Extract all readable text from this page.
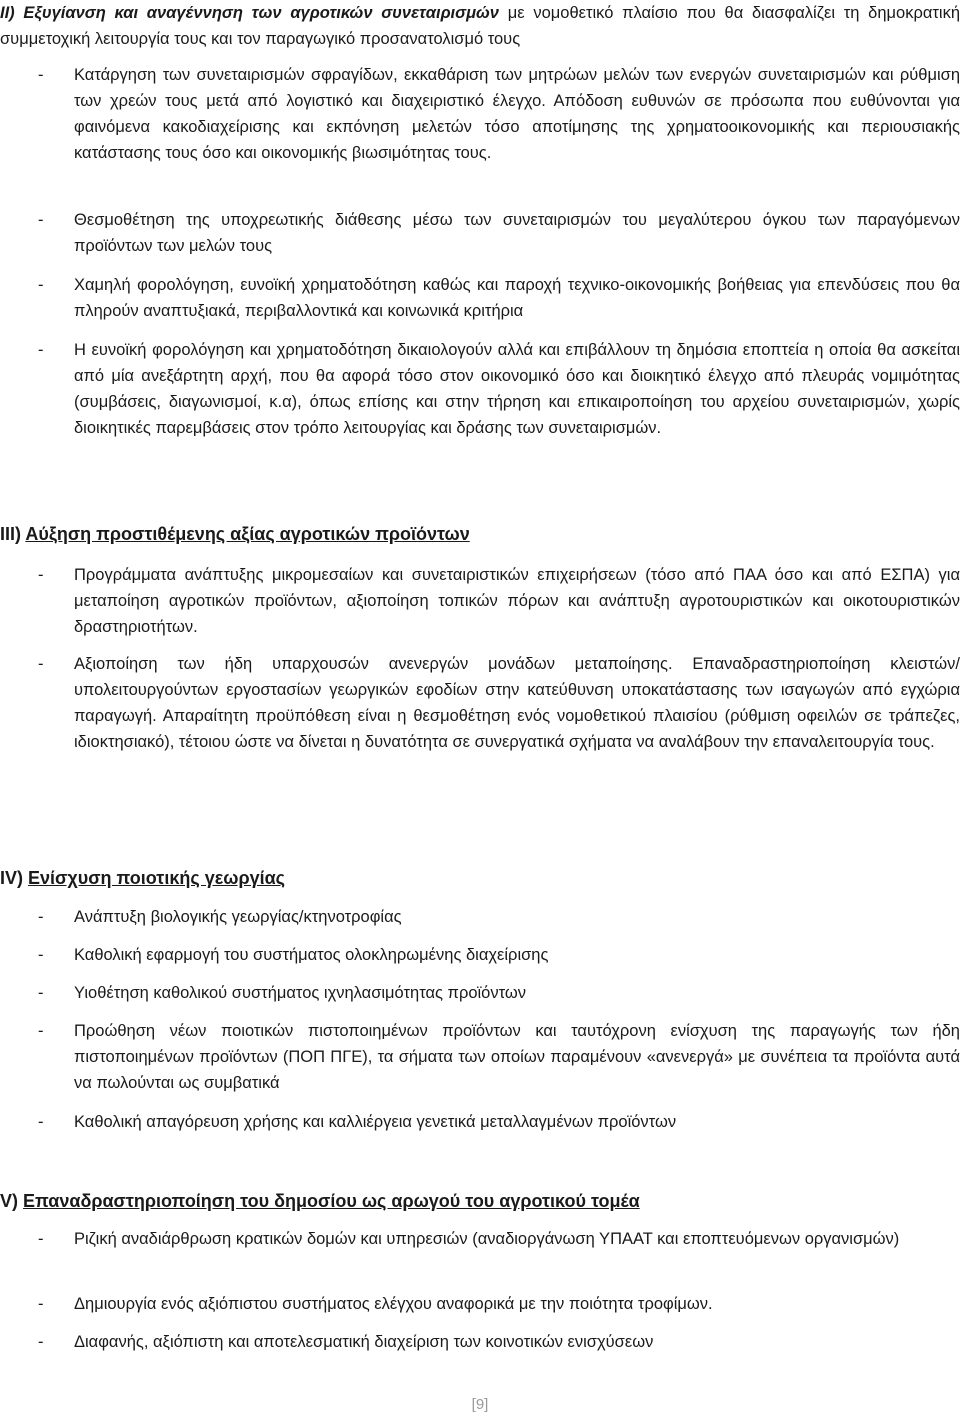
ΙΙ) Εξυγίανση και αναγέννηση των αγροτικών συνεταιρισμών με νομοθετικό πλαίσιο που θα διασφαλίζει τη δημοκρατική συμμετοχική λειτουργία τους και τον παραγωγικό προσανατολισμό τους
- Κατάργηση των συνεταιρισμών σφραγίδων, εκκαθάριση των μητρώων μελών των ενεργών συνεταιρισμών και ρύθμιση των χρεών τους μετά από λογιστικό και διαχειριστικό έλεγχο. Απόδοση ευθυνών σε πρόσωπα που ευθύνονται για φαινόμενα κακοδιαχείρισης και εκπόνηση μελετών τόσο αποτίμησης της χρηματοοικονομικής και περιουσιακής κατάστασης τους όσο και οικονομικής βιωσιμότητας τους.
- Θεσμοθέτηση της υποχρεωτικής διάθεσης μέσω των συνεταιρισμών του μεγαλύτερου όγκου των παραγόμενων προϊόντων των μελών τους
- Χαμηλή φορολόγηση, ευνοϊκή χρηματοδότηση καθώς και παροχή τεχνικο-οικονομικής βοήθειας για επενδύσεις που θα πληρούν αναπτυξιακά, περιβαλλοντικά και κοινωνικά κριτήρια
- Η ευνοϊκή φορολόγηση και χρηματοδότηση δικαιολογούν αλλά και επιβάλλουν τη δημόσια εποπτεία η οποία θα ασκείται από μία ανεξάρτητη αρχή, που θα αφορά τόσο στον οικονομικό όσο και διοικητικό έλεγχο από πλευράς νομιμότητας (συμβάσεις, διαγωνισμοί, κ.α), όπως επίσης και στην τήρηση και επικαιροποίηση του αρχείου συνεταιρισμών, χωρίς διοικητικές παρεμβάσεις στον τρόπο λειτουργίας και δράσης των συνεταιρισμών.
ΙΙΙ) Αύξηση προστιθέμενης αξίας αγροτικών προϊόντων
- Προγράμματα ανάπτυξης μικρομεσαίων και συνεταιριστικών επιχειρήσεων (τόσο από ΠΑΑ όσο και από ΕΣΠΑ) για μεταποίηση αγροτικών προϊόντων, αξιοποίηση τοπικών πόρων και ανάπτυξη αγροτουριστικών και οικοτουριστικών δραστηριοτήτων.
- Αξιοποίηση των ήδη υπαρχουσών ανενεργών μονάδων μεταποίησης. Επαναδραστηριοποίηση κλειστών/υπολειτουργούντων εργοστασίων γεωργικών εφοδίων στην κατεύθυνση υποκατάστασης των ισαγωγών από εγχώρια παραγωγή. Απαραίτητη προϋπόθεση είναι η θεσμοθέτηση ενός νομοθετικού πλαισίου (ρύθμιση οφειλών σε τράπεζες, ιδιοκτησιακό), τέτοιου ώστε να δίνεται η δυνατότητα σε συνεργατικά σχήματα να αναλάβουν την επαναλειτουργία τους.
IV) Ενίσχυση ποιοτικής γεωργίας
- Ανάπτυξη βιολογικής γεωργίας/κτηνοτροφίας
- Καθολική εφαρμογή του συστήματος ολοκληρωμένης διαχείρισης
- Υιοθέτηση καθολικού συστήματος ιχνηλασιμότητας προϊόντων
- Προώθηση νέων ποιοτικών πιστοποιημένων προϊόντων και ταυτόχρονη ενίσχυση της παραγωγής των ήδη πιστοποιημένων προϊόντων (ΠΟΠ ΠΓΕ), τα σήματα των οποίων παραμένουν «ανενεργά» με συνέπεια τα προϊόντα αυτά να πωλούνται ως συμβατικά
- Καθολική απαγόρευση χρήσης και καλλιέργεια γενετικά μεταλλαγμένων προϊόντων
V) Επαναδραστηριοποίηση του δημοσίου ως αρωγού του αγροτικού τομέα
- Ριζική αναδιάρθρωση κρατικών δομών και υπηρεσιών (αναδιοργάνωση ΥΠΑΑΤ και εποπτευόμενων οργανισμών)
- Δημιουργία ενός αξιόπιστου συστήματος ελέγχου αναφορικά με την ποιότητα τροφίμων.
- Διαφανής, αξιόπιστη και αποτελεσματική διαχείριση των κοινοτικών ενισχύσεων
[9]
